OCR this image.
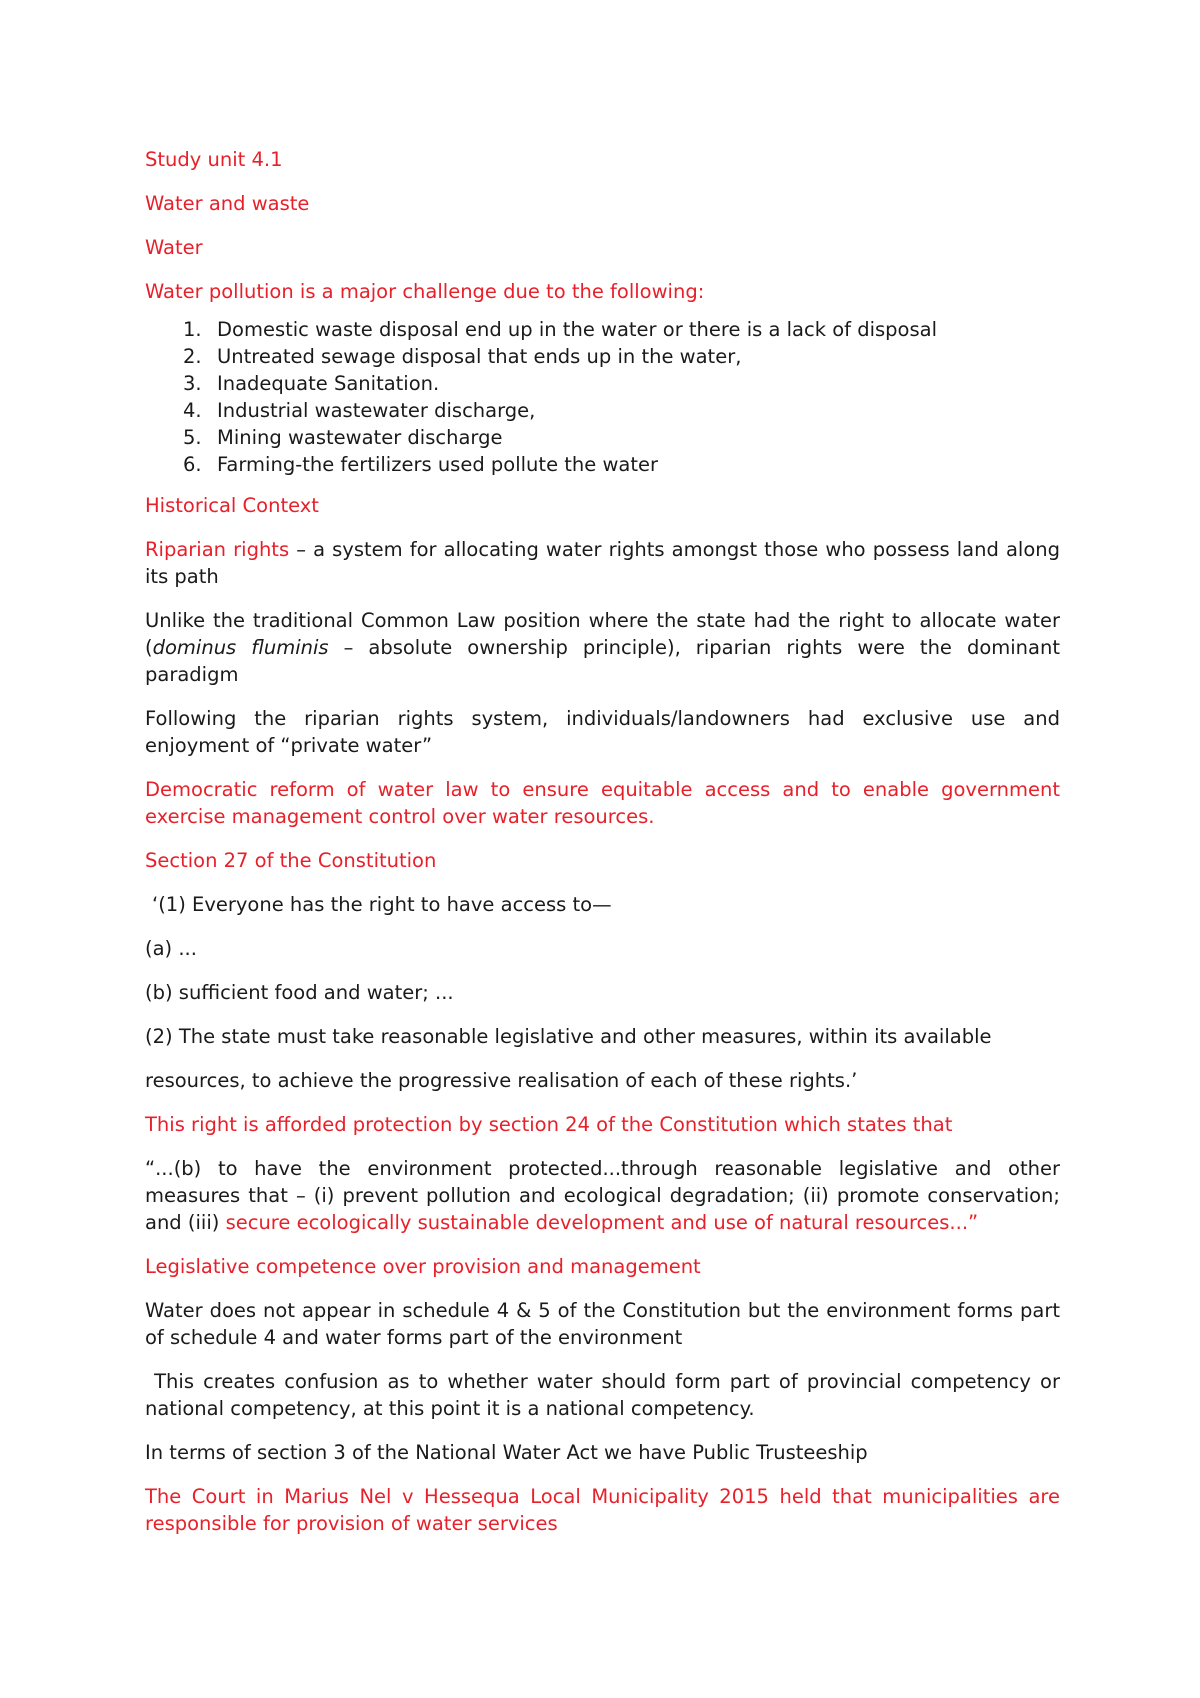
Study unit 4.1

Water and waste

Water

Water pollution is a major challenge due to the following:

1. Domestic waste disposal end up in the water or there is a lack of disposal
2. Untreated sewage disposal that ends up in the water,
3. Inadequate Sanitation.
4. Industrial wastewater discharge,
5. Mining wastewater discharge
6. Farming-the fertilizers used pollute the water

Historical Context

Riparian rights – a system for allocating water rights amongst those who possess land along its path

Unlike the traditional Common Law position where the state had the right to allocate water (dominus fluminis – absolute ownership principle), riparian rights were the dominant paradigm

Following the riparian rights system, individuals/landowners had exclusive use and enjoyment of “private water”

Democratic reform of water law to ensure equitable access and to enable government exercise management control over water resources.

Section 27 of the Constitution

‘(1) Everyone has the right to have access to—

(a) ...

(b) sufficient food and water; ...

(2) The state must take reasonable legislative and other measures, within its available

resources, to achieve the progressive realisation of each of these rights.’

This right is afforded protection by section 24 of the Constitution which states that

“...(b) to have the environment protected...through reasonable legislative and other measures that – (i) prevent pollution and ecological degradation; (ii) promote conservation; and (iii) secure ecologically sustainable development and use of natural resources...”

Legislative competence over provision and management

Water does not appear in schedule 4 & 5 of the Constitution but the environment forms part of schedule 4 and water forms part of the environment

This creates confusion as to whether water should form part of provincial competency or national competency, at this point it is a national competency.

In terms of section 3 of the National Water Act we have Public Trusteeship

The Court in Marius Nel v Hessequa Local Municipality 2015 held that municipalities are responsible for provision of water services
